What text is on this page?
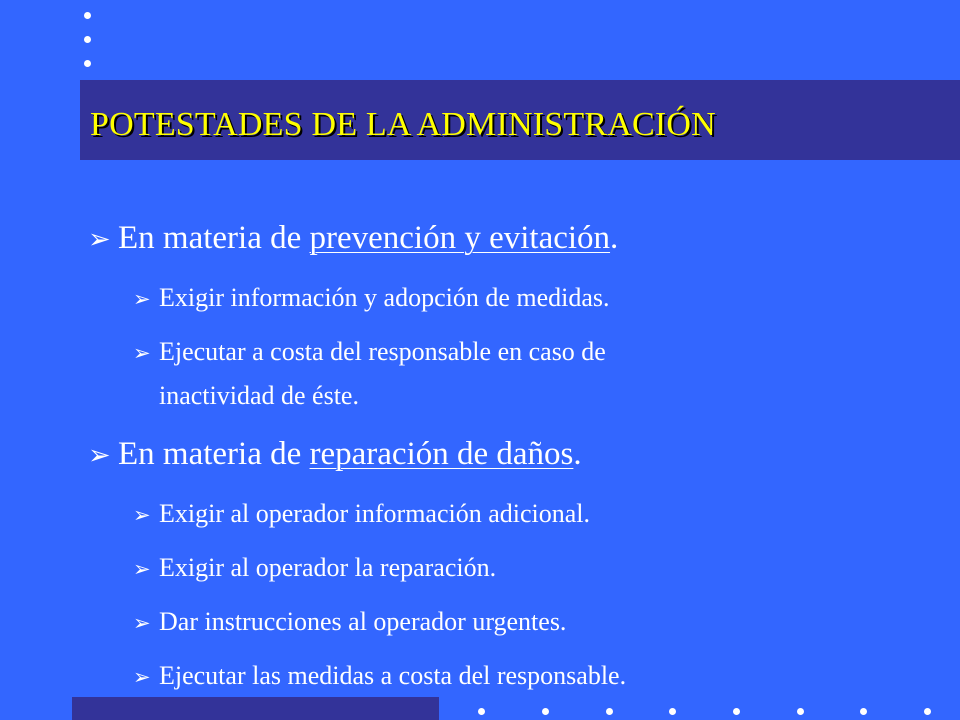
POTESTADES DE LA ADMINISTRACIÓN
➢ En materia de prevención y evitación.
➢ Exigir información y adopción de medidas.
➢ Ejecutar a costa del responsable en caso de
inactividad de éste.
➢ En materia de reparación de daños.
➢ Exigir al operador información adicional.
➢ Exigir al operador la reparación.
➢ Dar instrucciones al operador urgentes.
➢ Ejecutar las medidas a costa del responsable.
